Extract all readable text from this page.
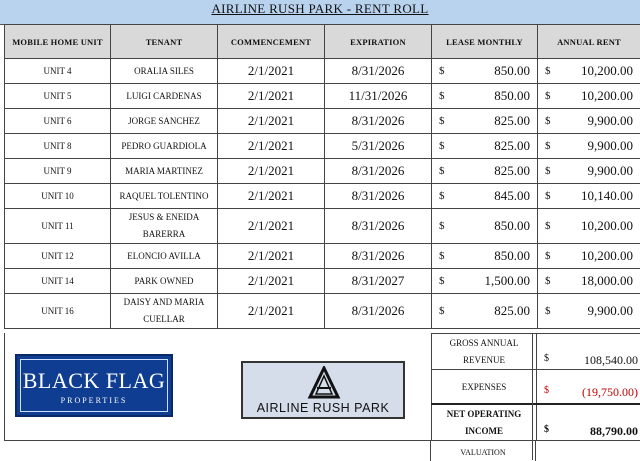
AIRLINE RUSH PARK - RENT ROLL
MOBILE HOME UNIT	TENANT	COMMENCEMENT	EXPIRATION	LEASE MONTHLY	ANNUAL RENT
UNIT 4	ORALIA SILES	2/1/2021	8/31/2026	$ 850.00	$ 10,200.00

UNIT 5	LUIGI CARDENAS	2/1/2021	11/31/2026	$ 850.00	$ 10,200.00

UNIT 6	JORGE SANCHEZ	2/1/2021	8/31/2026	$ 825.00	$ 9,900.00

UNIT 8	PEDRO GUARDIOLA	2/1/2021	5/31/2026	$ 825.00	$ 9,900.00

UNIT 9	MARIA MARTINEZ	2/1/2021	8/31/2026	$ 825.00	$ 9,900.00

UNIT 10	RAQUEL TOLENTINO	2/1/2021	8/31/2026	$ 845.00	$ 10,140.00

UNIT 11	JESUS & ENEIDA BARERRA	2/1/2021	8/31/2026	$ 850.00	$ 10,200.00

UNIT 12	ELONCIO AVILLA	2/1/2021	8/31/2026	$ 850.00	$ 10,200.00

UNIT 14	PARK OWNED	2/1/2021	8/31/2027	$ 1,500.00	$ 18,000.00

UNIT 16	DAISY AND MARIA CUELLAR	2/1/2021	8/31/2026	$ 825.00	$ 9,900.00
BLACK FLAG
PROPERTIES
AIRLINE RUSH PARK
GROSS ANNUAL REVENUE	$	108,540.00
EXPENSES	$	(19,750.00)
NET OPERATING INCOME	$	88,790.00
VALUATION
